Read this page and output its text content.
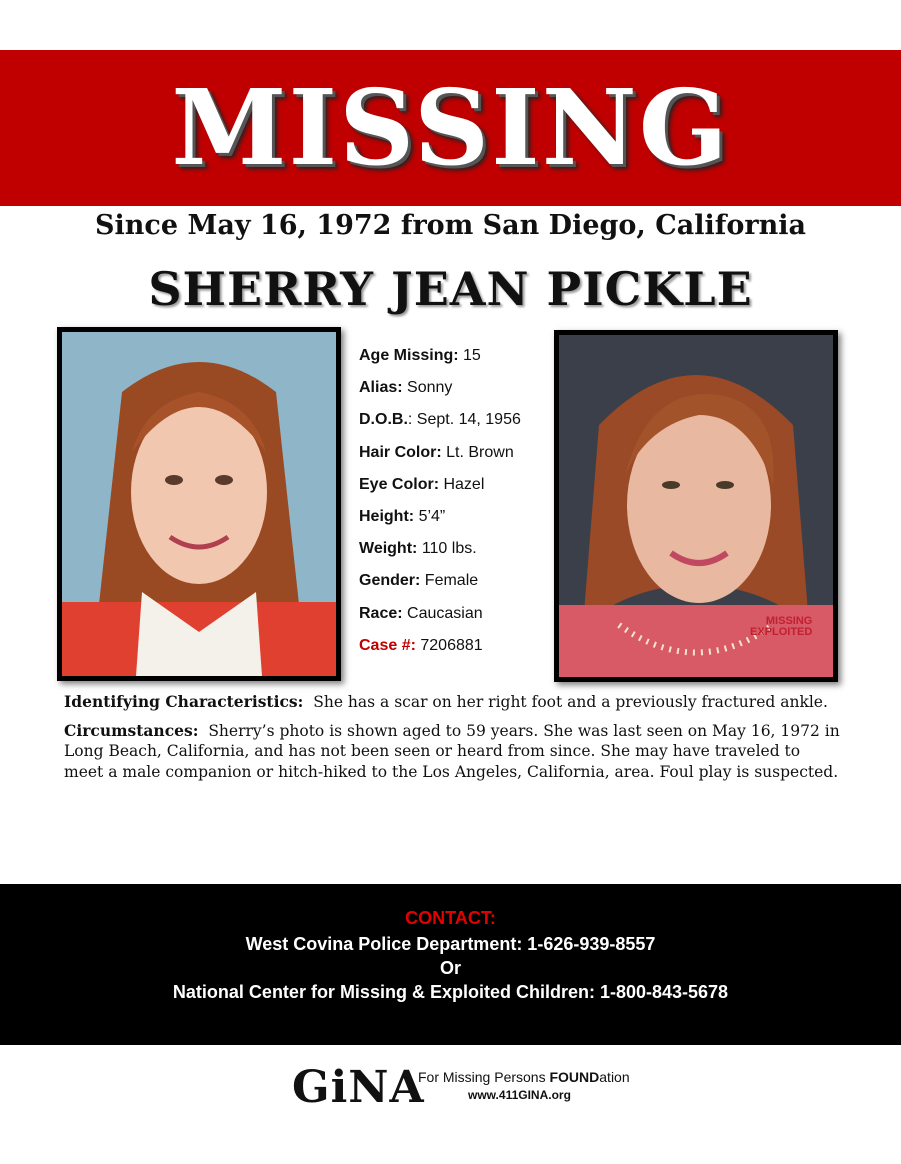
MISSING
Since May 16, 1972 from San Diego, California
SHERRY JEAN PICKLE
Age Missing: 15
Alias: Sonny
D.O.B.: Sept. 14, 1956
Hair Color: Lt. Brown
Eye Color: Hazel
Height: 5’4”
Weight: 110 lbs.
Gender: Female
Race: Caucasian
Case #: 7206881
MISSING
EXPLOITED

Identifying Characteristics: She has a scar on her right foot and a previously fractured ankle.

Circumstances: Sherry’s photo is shown aged to 59 years. She was last seen on May 16, 1972 in Long Beach, California, and has not been seen or heard from since. She may have traveled to meet a male companion or hitch-hiked to the Los Angeles, California, area. Foul play is suspected.

CONTACT:
West Covina Police Department: 1-626-939-8557
Or
National Center for Missing & Exploited Children: 1-800-843-5678
GiNA
For Missing Persons FOUNDation
www.411GINA.org
